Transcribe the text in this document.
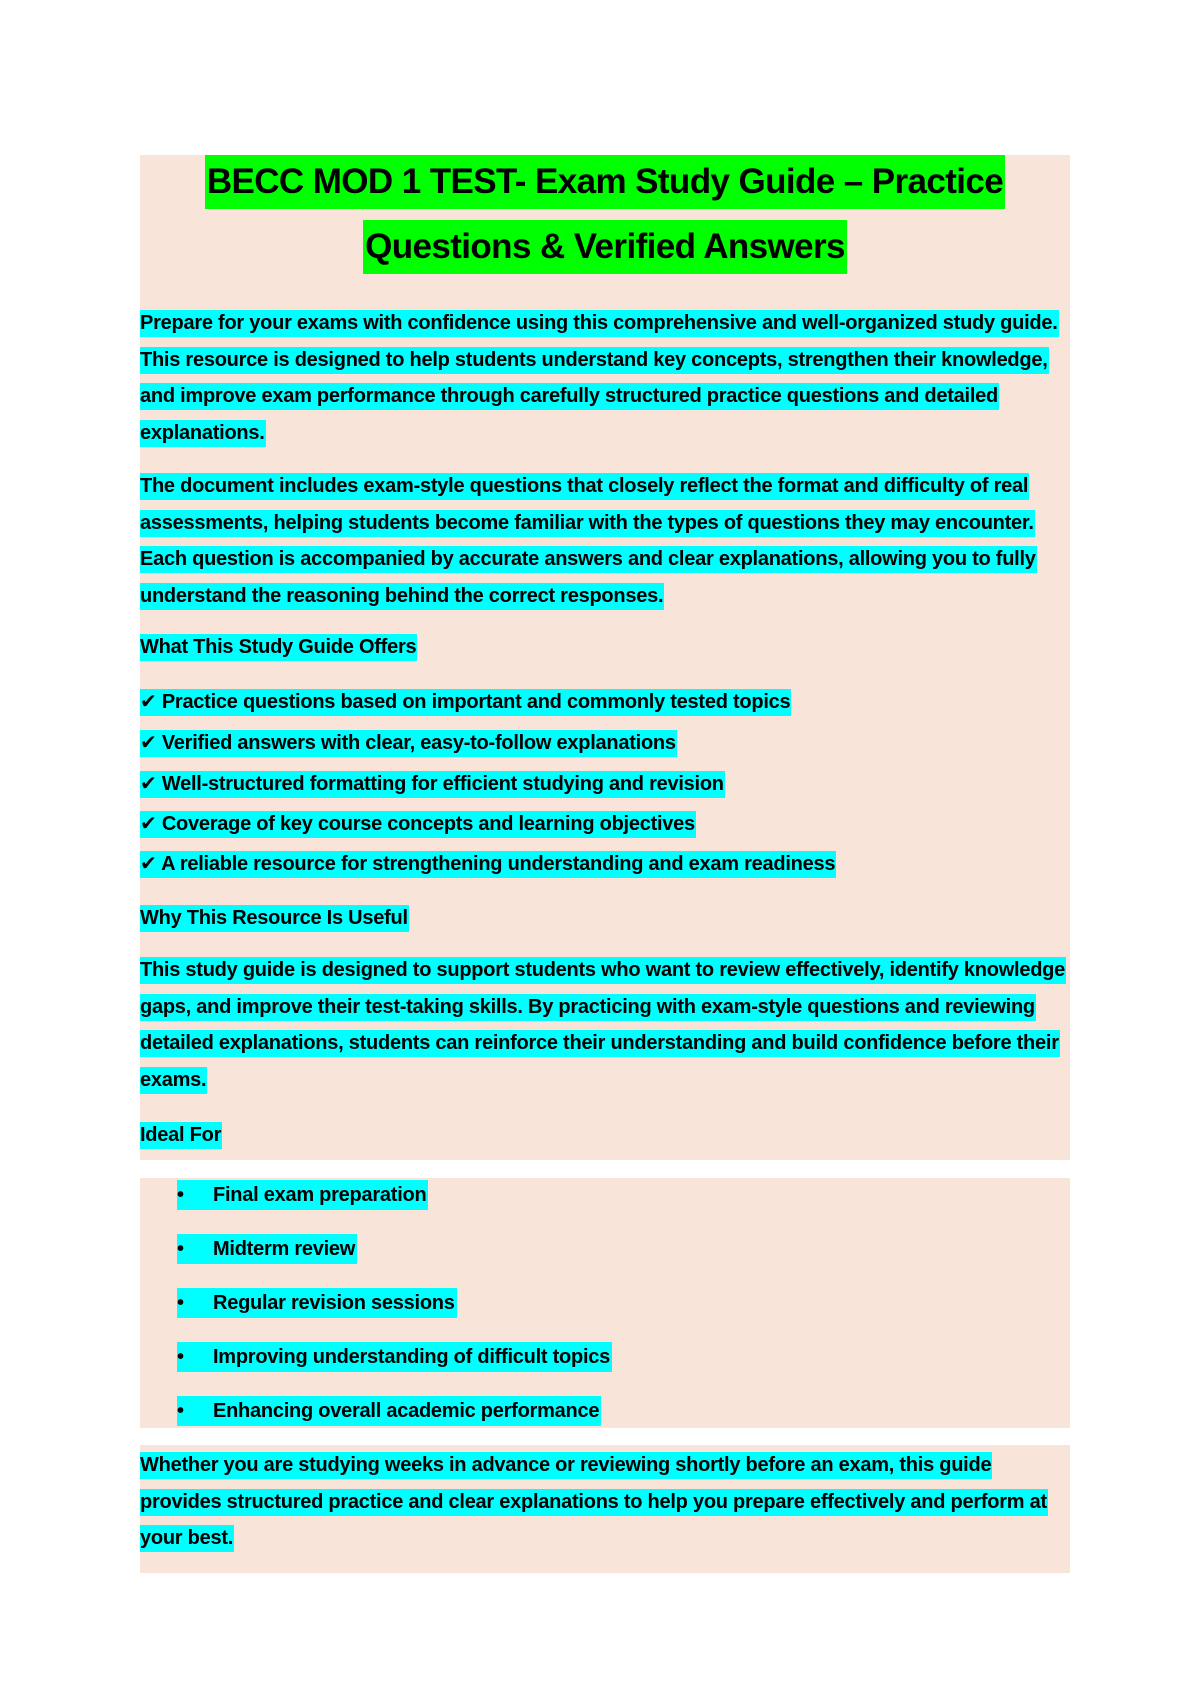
BECC MOD 1 TEST- Exam Study Guide – Practice
Questions & Verified Answers

Prepare for your exams with confidence using this comprehensive and well-organized study guide. This resource is designed to help students understand key concepts, strengthen their knowledge, and improve exam performance through carefully structured practice questions and detailed explanations.

The document includes exam-style questions that closely reflect the format and difficulty of real assessments, helping students become familiar with the types of questions they may encounter. Each question is accompanied by accurate answers and clear explanations, allowing you to fully understand the reasoning behind the correct responses.

What This Study Guide Offers
✔ Practice questions based on important and commonly tested topics
✔ Verified answers with clear, easy-to-follow explanations
✔ Well-structured formatting for efficient studying and revision
✔ Coverage of key course concepts and learning objectives
✔ A reliable resource for strengthening understanding and exam readiness
Why This Resource Is Useful

This study guide is designed to support students who want to review effectively, identify knowledge gaps, and improve their test-taking skills. By practicing with exam-style questions and reviewing detailed explanations, students can reinforce their understanding and build confidence before their exams.

Ideal For
• Final exam preparation
• Midterm review
• Regular revision sessions
• Improving understanding of difficult topics
• Enhancing overall academic performance

Whether you are studying weeks in advance or reviewing shortly before an exam, this guide provides structured practice and clear explanations to help you prepare effectively and perform at your best.
